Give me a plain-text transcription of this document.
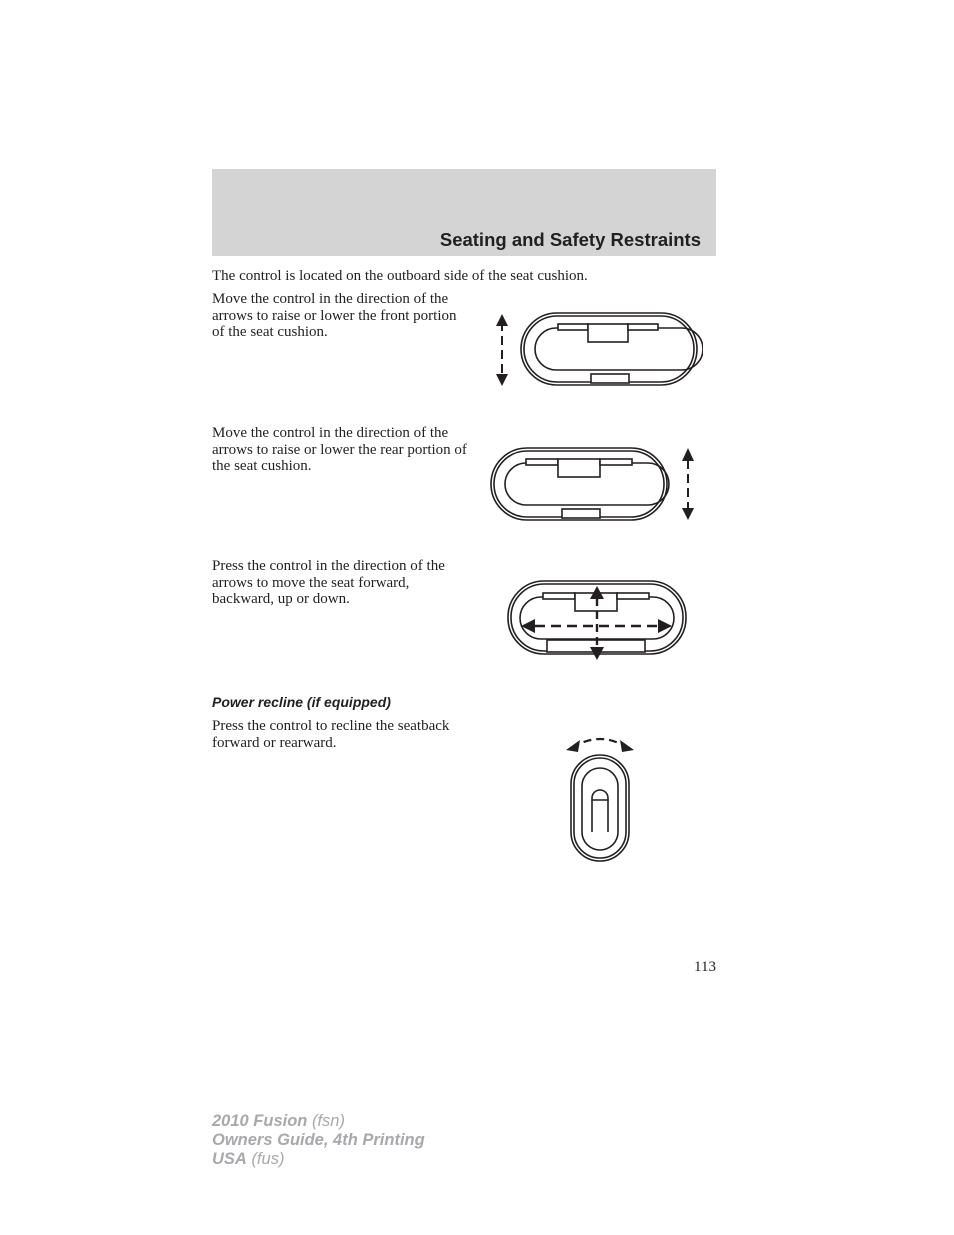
Seating and Safety Restraints
The control is located on the outboard side of the seat cushion.
Move the control in the direction of the arrows to raise or lower the front portion of the seat cushion.
Move the control in the direction of the arrows to raise or lower the rear portion of the seat cushion.
Press the control in the direction of the arrows to move the seat forward, backward, up or down.
Power recline (if equipped)
Press the control to recline the seatback forward or rearward.
113
2010 Fusion (fsn)
Owners Guide, 4th Printing
USA (fus)
